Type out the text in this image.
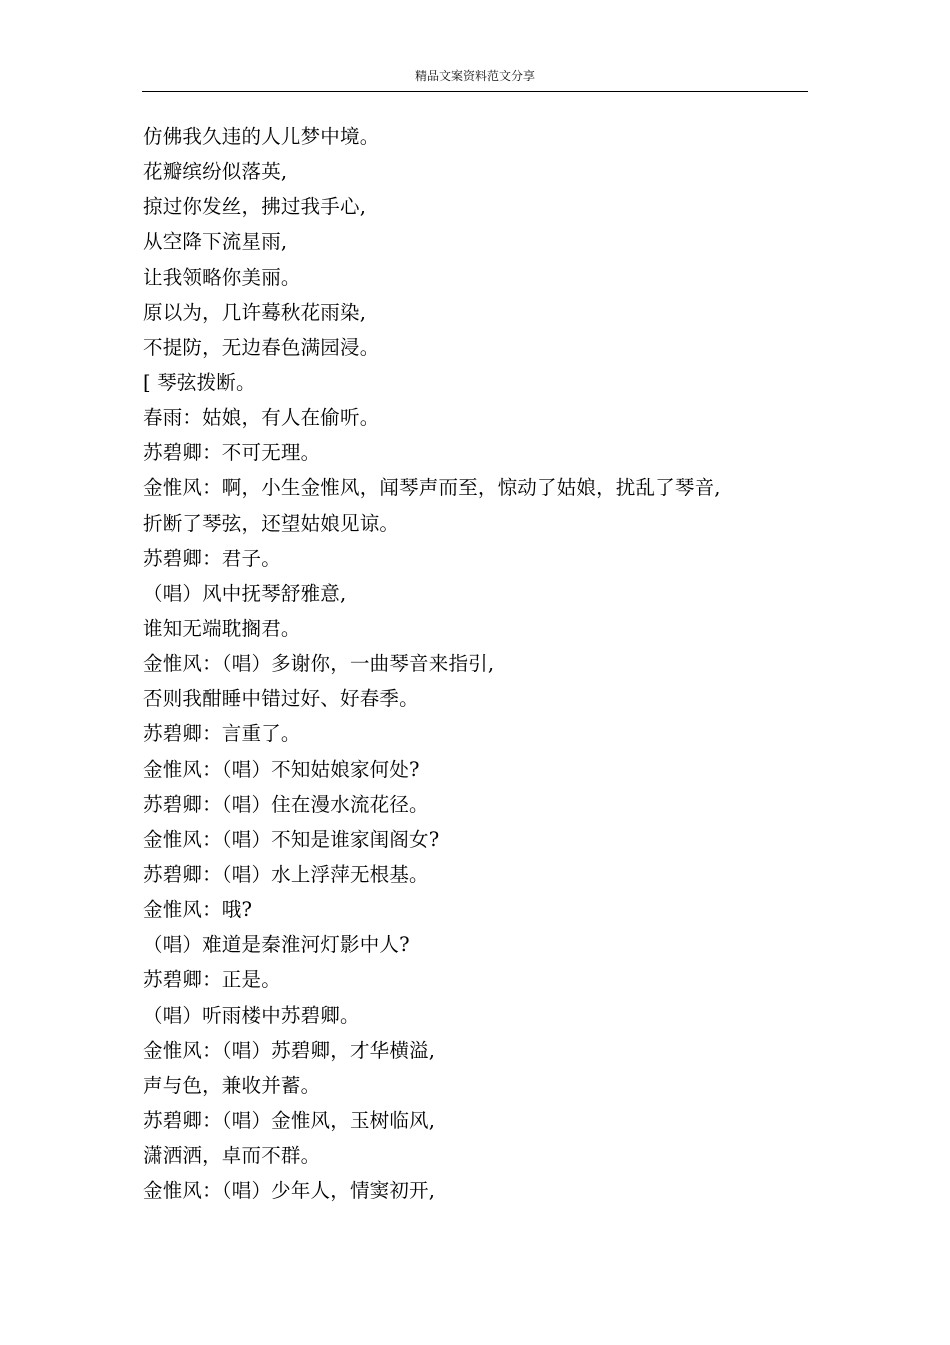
精品文案资料范文分享
仿佛我久违的人儿梦中境。
花瓣缤纷似落英,
掠过你发丝，拂过我手心,
从空降下流星雨,
让我领略你美丽。
原以为，几许蓦秋花雨染,
不提防，无边春色满园浸。
[ 琴弦拨断。
春雨：姑娘，有人在偷听。
苏碧卿：不可无理。
金惟风：啊，小生金惟风，闻琴声而至，惊动了姑娘，扰乱了琴音,
折断了琴弦，还望姑娘见谅。
苏碧卿：君子。
（唱）风中抚琴舒雅意,
谁知无端耽搁君。
金惟风：（唱）多谢你，一曲琴音来指引,
否则我酣睡中错过好、好春季。
苏碧卿：言重了。
金惟风：（唱）不知姑娘家何处?
苏碧卿：（唱）住在漫水流花径。
金惟风：（唱）不知是谁家闺阁女?
苏碧卿：（唱）水上浮萍无根基。
金惟风：哦?
（唱）难道是秦淮河灯影中人?
苏碧卿：正是。
（唱）听雨楼中苏碧卿。
金惟风：（唱）苏碧卿，才华横溢,
声与色，兼收并蓄。
苏碧卿：（唱）金惟风，玉树临风,
潇洒洒，卓而不群。
金惟风：（唱）少年人，情窦初开,
